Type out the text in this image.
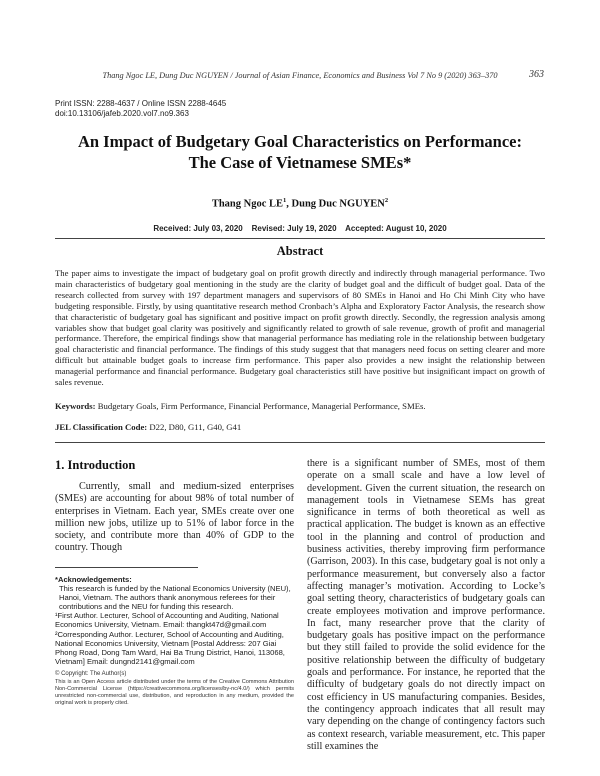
Thang Ngoc LE, Dung Duc NGUYEN / Journal of Asian Finance, Economics and Business Vol 7 No 9 (2020) 363–370	363
Print ISSN: 2288-4637 / Online ISSN 2288-4645
doi:10.13106/jafeb.2020.vol7.no9.363
An Impact of Budgetary Goal Characteristics on Performance:
The Case of Vietnamese SMEs*
Thang Ngoc $LE^1$, Dung Duc NGUYEN$^2$
Received: July 03, 2020    Revised: July 19, 2020    Accepted: August 10, 2020
Abstract
The paper aims to investigate the impact of budgetary goal on profit growth directly and indirectly through managerial performance. Two main characteristics of budgetary goal mentioning in the study are the clarity of budget goal and the difficult of budget goal. Data of the research collected from survey with 197 department managers and supervisors of 80 SMEs in Hanoi and Ho Chi Minh City who have budgeting responsible. Firstly, by using quantitative research method Cronbach’s Alpha and Exploratory Factor Analysis, the research show that characteristic of budgetary goal has significant and positive impact on profit growth directly. Secondly, the regression analysis among variables show that budget goal clarity was positively and significantly related to growth of sale revenue, growth of profit and managerial performance. Therefore, the empirical findings show that managerial performance has mediating role in the relationship between budgetary goal characteristic and financial performance. The findings of this study suggest that that managers need focus on setting clearer and more difficult but attainable budget goals to increase firm performance. This paper also provides a new insight the relationship between managerial performance and financial performance. Budgetary goal characteristics still have positive but insignificant impact on growth of sales revenue.
Keywords: Budgetary Goals, Firm Performance, Financial Performance, Managerial Performance, SMEs.
JEL Classification Code: D22, D80, G11, G40, G41
1. Introduction
Currently, small and medium-sized enterprises (SMEs) are accounting for about 98% of total number of enterprises in Vietnam. Each year, SMEs create over one million new jobs, utilize up to 51% of labor force in the society, and contribute more than 40% of GDP to the country. Though
there is a significant number of SMEs, most of them operate on a small scale and have a low level of development. Given the current situation, the research on management tools in Vietnamese SEMs has great significance in terms of both theoretical as well as practical application. The budget is known as an effective tool in the planning and control of production and business activities, thereby improving firm performance (Garrison, 2003). In this case, budgetary goal is not only a performance measurement, but conversely also a factor affecting manager’s motivation. According to Locke’s goal setting theory, characteristics of budgetary goals can create employees motivation and improve performance. In fact, many researcher prove that the clarity of budgetary goals has positive impact on the performance but they still failed to provide the solid evidence for the positive relationship between the difficulty of budgetary goals and performance. For instance, he reported that the difficulty of budgetary goals do not directly impact on cost efficiency in US manufacturing companies. Besides, the contingency approach indicates that all result may vary depending on the change of contingency factors such as context research, variable measurement, etc. This paper still examines the

*Acknowledgements:

This research is funded by the National Economics University (NEU), Hanoi, Vietnam. The authors thank anonymous referees for their contributions and the NEU for funding this research.

¹First Author. Lecturer, School of Accounting and Auditing, National Economics University, Vietnam. Email: thangkt47d@gmail.com

²Corresponding Author. Lecturer, School of Accounting and Auditing, National Economics University, Vietnam [Postal Address: 207 Giai Phong Road, Dong Tam Ward, Hai Ba Trung District, Hanoi, 113068, Vietnam] Email: dungnd2141@gmail.com

© Copyright: The Author(s)

This is an Open Access article distributed under the terms of the Creative Commons Attribution Non-Commercial License (https://creativecommons.org/licenses/by-nc/4.0/) which permits unrestricted non-commercial use, distribution, and reproduction in any medium, provided the original work is properly cited.
